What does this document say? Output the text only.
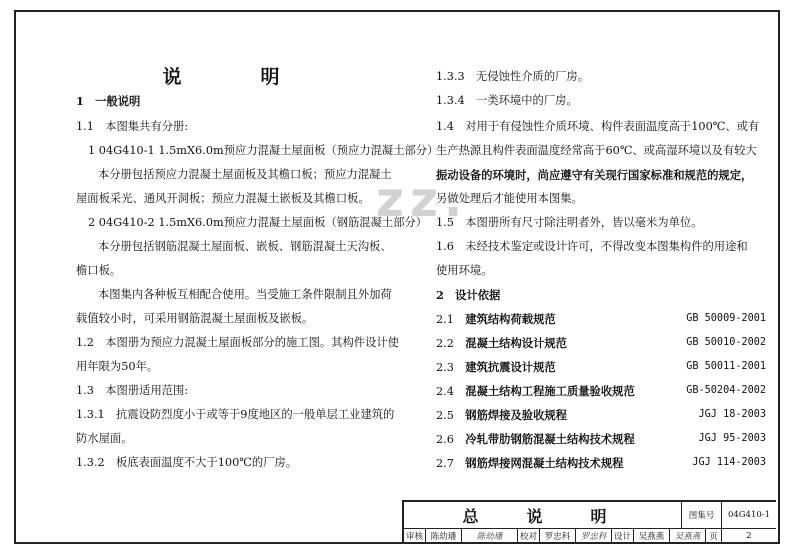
zz.
说　明
1　一般说明
1.1　本图集共有分册:
1 04G410-1 1.5mX6.0m预应力混凝土屋面板（预应力混凝土部分）
本分册包括预应力混凝土屋面板及其檐口板；预应力混凝土
屋面板采光、通风开洞板；预应力混凝土嵌板及其檐口板。
2 04G410-2 1.5mX6.0m预应力混凝土屋面板（钢筋混凝土部分）
本分册包括钢筋混凝土屋面板、嵌板、钢筋混凝土天沟板、
檐口板。
本图集内各种板互相配合使用。当受施工条件限制且外加荷
载值较小时，可采用钢筋混凝土屋面板及嵌板。
1.2　本图册为预应力混凝土屋面板部分的施工图。其构件设计使
用年限为50年。
1.3　本图册适用范围:
1.3.1　抗震设防烈度小于或等于9度地区的一般单层工业建筑的
防水屋面。
1.3.2　板底表面温度不大于100℃的厂房。
1.3.3　无侵蚀性介质的厂房。
1.3.4　一类环境中的厂房。
1.4　对用于有侵蚀性介质环境、构件表面温度高于100℃、或有
生产热源且构件表面温度经常高于60℃、或高湿环境以及有较大
振动设备的环境时，尚应遵守有关现行国家标准和规范的规定，
另做处理后才能使用本图集。
1.5　本图册所有尺寸除注明者外，皆以毫米为单位。
1.6　未经技术鉴定或设计许可，不得改变本图集构件的用途和
使用环境。
2　设计依据
2.1　 建筑结构荷载规范	GB 50009-2001
2.2　 混凝土结构设计规范	GB 50010-2002
2.3　 建筑抗震设计规范	GB 50011-2001
2.4　 混凝土结构工程施工质量验收规范	GB-50204-2002
2.5　 钢筋焊接及验收规程	JGJ 18-2003
2.6　 冷轧带肋钢筋混凝土结构技术规程	JGJ 95-2003
2.7　 钢筋焊接网混凝土结构技术规程	JGJ 114-2003
总　说　明	图集号	04G410-1
审核 陈幼璠	陈幼璠	校对 罗忠科	罗忠科 设计 吴燕燕	吴燕燕	页	2
